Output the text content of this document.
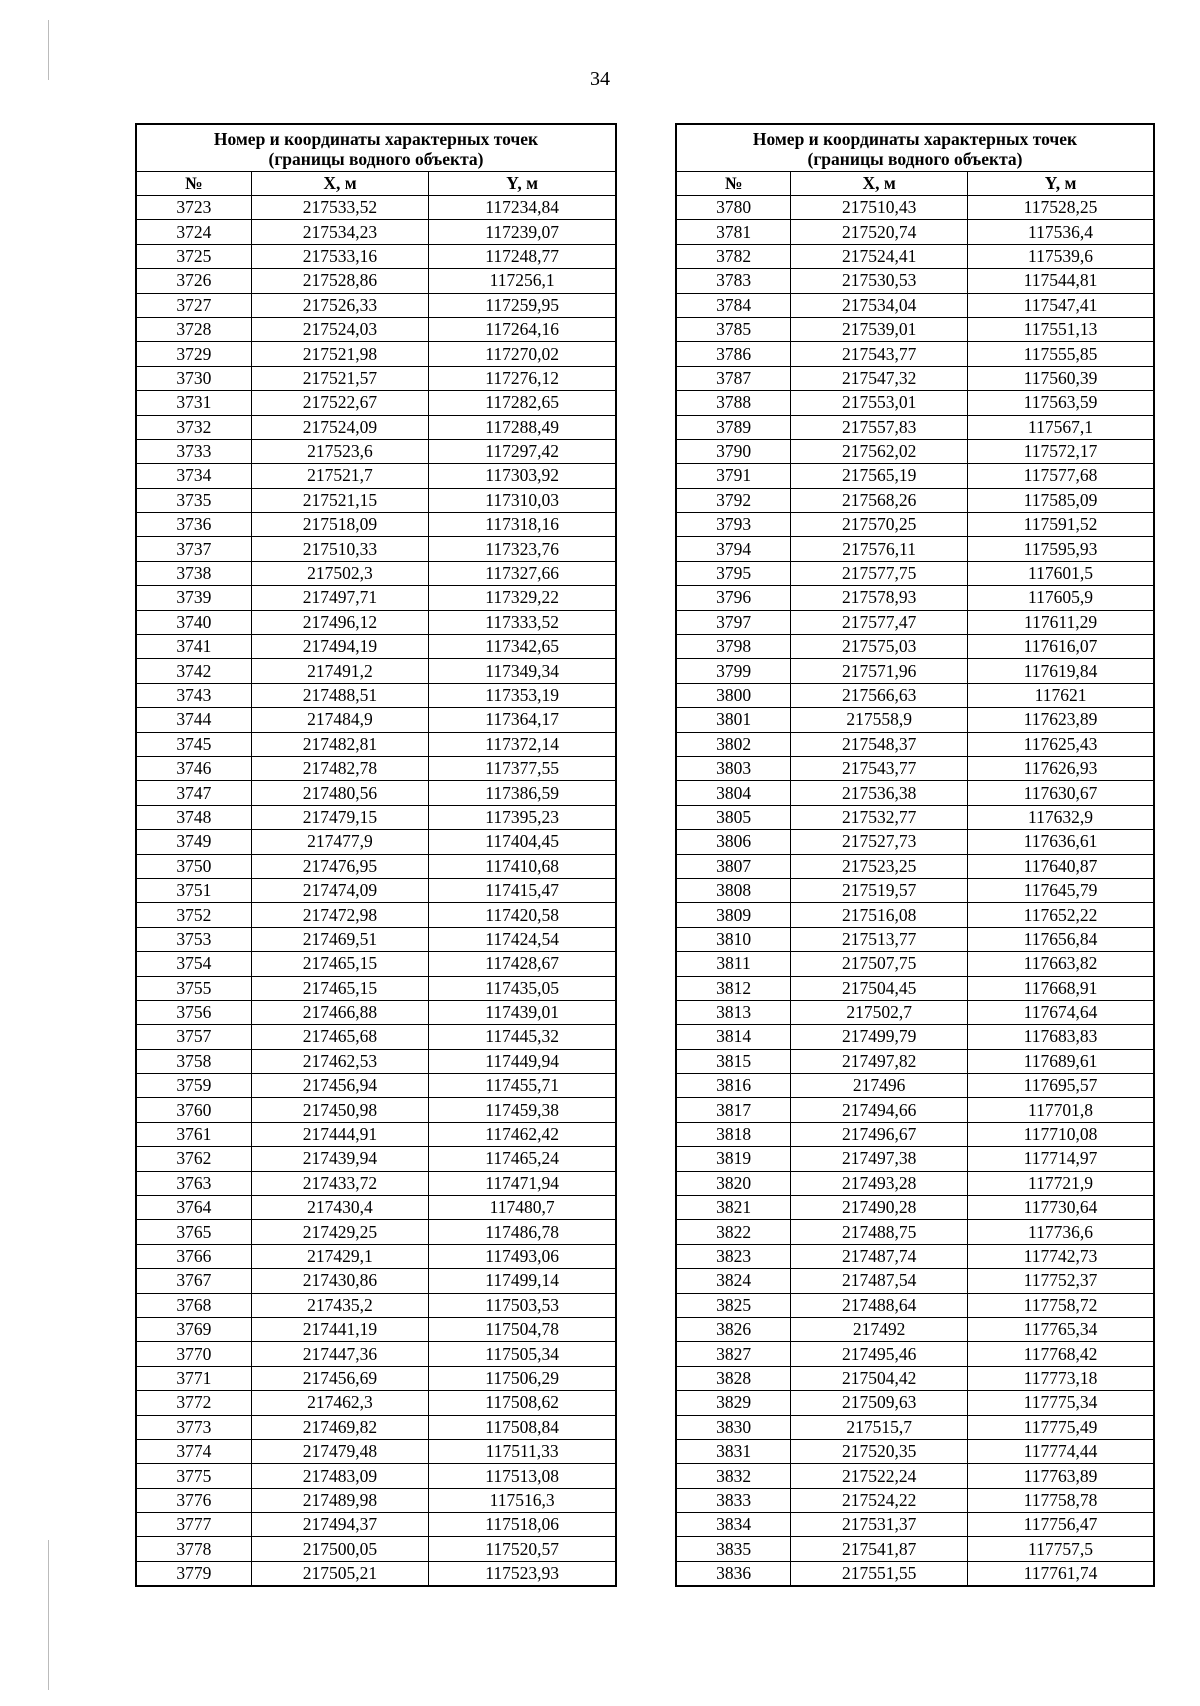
34
Номер и координаты характерных точек
(границы водного объекта)		
№	X, м	Y, м
3723	217533,52	117234,84
3724	217534,23	117239,07
3725	217533,16	117248,77
3726	217528,86	117256,1
3727	217526,33	117259,95
3728	217524,03	117264,16
3729	217521,98	117270,02
3730	217521,57	117276,12
3731	217522,67	117282,65
3732	217524,09	117288,49
3733	217523,6	117297,42
3734	217521,7	117303,92
3735	217521,15	117310,03
3736	217518,09	117318,16
3737	217510,33	117323,76
3738	217502,3	117327,66
3739	217497,71	117329,22
3740	217496,12	117333,52
3741	217494,19	117342,65
3742	217491,2	117349,34
3743	217488,51	117353,19
3744	217484,9	117364,17
3745	217482,81	117372,14
3746	217482,78	117377,55
3747	217480,56	117386,59
3748	217479,15	117395,23
3749	217477,9	117404,45
3750	217476,95	117410,68
3751	217474,09	117415,47
3752	217472,98	117420,58
3753	217469,51	117424,54
3754	217465,15	117428,67
3755	217465,15	117435,05
3756	217466,88	117439,01
3757	217465,68	117445,32
3758	217462,53	117449,94
3759	217456,94	117455,71
3760	217450,98	117459,38
3761	217444,91	117462,42
3762	217439,94	117465,24
3763	217433,72	117471,94
3764	217430,4	117480,7
3765	217429,25	117486,78
3766	217429,1	117493,06
3767	217430,86	117499,14
3768	217435,2	117503,53
3769	217441,19	117504,78
3770	217447,36	117505,34
3771	217456,69	117506,29
3772	217462,3	117508,62
3773	217469,82	117508,84
3774	217479,48	117511,33
3775	217483,09	117513,08
3776	217489,98	117516,3
3777	217494,37	117518,06
3778	217500,05	117520,57
3779	217505,21	117523,93
Номер и координаты характерных точек
(границы водного объекта)		
№	X, м	Y, м
3780	217510,43	117528,25
3781	217520,74	117536,4
3782	217524,41	117539,6
3783	217530,53	117544,81
3784	217534,04	117547,41
3785	217539,01	117551,13
3786	217543,77	117555,85
3787	217547,32	117560,39
3788	217553,01	117563,59
3789	217557,83	117567,1
3790	217562,02	117572,17
3791	217565,19	117577,68
3792	217568,26	117585,09
3793	217570,25	117591,52
3794	217576,11	117595,93
3795	217577,75	117601,5
3796	217578,93	117605,9
3797	217577,47	117611,29
3798	217575,03	117616,07
3799	217571,96	117619,84
3800	217566,63	117621
3801	217558,9	117623,89
3802	217548,37	117625,43
3803	217543,77	117626,93
3804	217536,38	117630,67
3805	217532,77	117632,9
3806	217527,73	117636,61
3807	217523,25	117640,87
3808	217519,57	117645,79
3809	217516,08	117652,22
3810	217513,77	117656,84
3811	217507,75	117663,82
3812	217504,45	117668,91
3813	217502,7	117674,64
3814	217499,79	117683,83
3815	217497,82	117689,61
3816	217496	117695,57
3817	217494,66	117701,8
3818	217496,67	117710,08
3819	217497,38	117714,97
3820	217493,28	117721,9
3821	217490,28	117730,64
3822	217488,75	117736,6
3823	217487,74	117742,73
3824	217487,54	117752,37
3825	217488,64	117758,72
3826	217492	117765,34
3827	217495,46	117768,42
3828	217504,42	117773,18
3829	217509,63	117775,34
3830	217515,7	117775,49
3831	217520,35	117774,44
3832	217522,24	117763,89
3833	217524,22	117758,78
3834	217531,37	117756,47
3835	217541,87	117757,5
3836	217551,55	117761,74
